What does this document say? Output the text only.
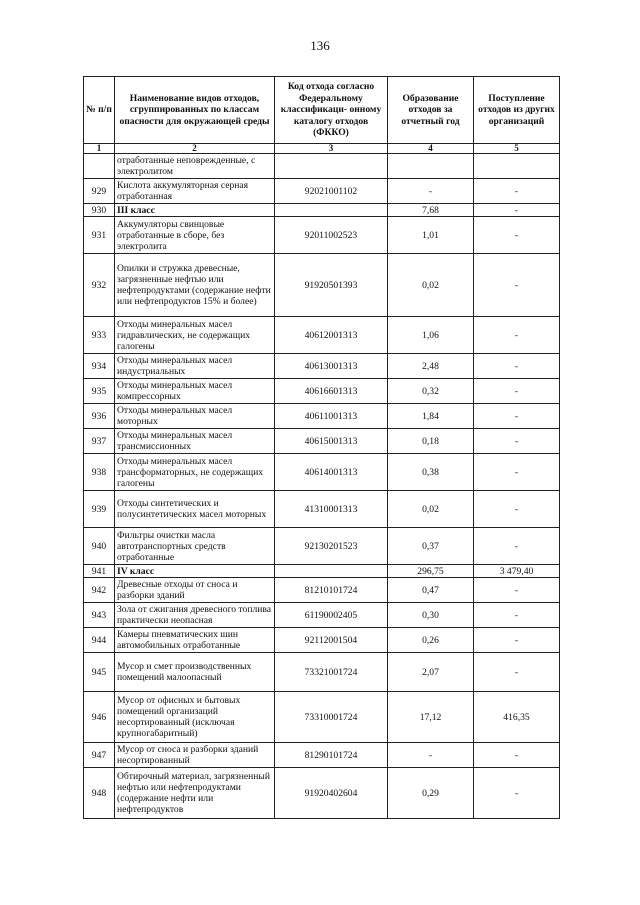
136
№ п/п	Наименование видов отходов, сгруппированных по классам опасности для окружающей среды	Код отхода согласно Федеральному классификаци- онному каталогу отходов (ФККО)	Образование отходов за отчетный год	Поступление отходов из других организаций
1	2	3	4	5
	отработанные неповрежденные, с электролитом			
929	Кислота аккумуляторная серная отработанная	92021001102	-	-
930	III класс		7,68	-
931	Аккумуляторы свинцовые отработанные в сборе, без электролита	92011002523	1,01	-
932	Опилки и стружка древесные, загрязненные нефтью или нефтепродуктами (содержание нефти или нефтепродуктов 15% и более)	91920501393	0,02	-
933	Отходы минеральных масел гидравлических, не содержащих галогены	40612001313	1,06	-
934	Отходы минеральных масел индустриальных	40613001313	2,48	-
935	Отходы минеральных масел компрессорных	40616601313	0,32	-
936	Отходы минеральных масел моторных	40611001313	1,84	-
937	Отходы минеральных масел трансмиссионных	40615001313	0,18	-
938	Отходы минеральных масел трансформаторных, не содержащих галогены	40614001313	0,38	-
939	Отходы синтетических и полусинтетических масел моторных	41310001313	0,02	-
940	Фильтры очистки масла автотранспортных средств отработанные	92130201523	0,37	-
941	IV класс		296,75	3 479,40
942	Древесные отходы от сноса и разборки зданий	81210101724	0,47	-
943	Зола от сжигания древесного топлива практически неопасная	61190002405	0,30	-
944	Камеры пневматических шин автомобильных отработанные	92112001504	0,26	-
945	Мусор и смет производственных помещений малоопасный	73321001724	2,07	-
946	Мусор от офисных и бытовых помещений организаций несортированный (исключая крупногабаритный)	73310001724	17,12	416,35
947	Мусор от сноса и разборки зданий несортированный	81290101724	-	-
948	Обтирочный материал, загрязненный нефтью или нефтепродуктами (содержание нефти или нефтепродуктов	91920402604	0,29	-
